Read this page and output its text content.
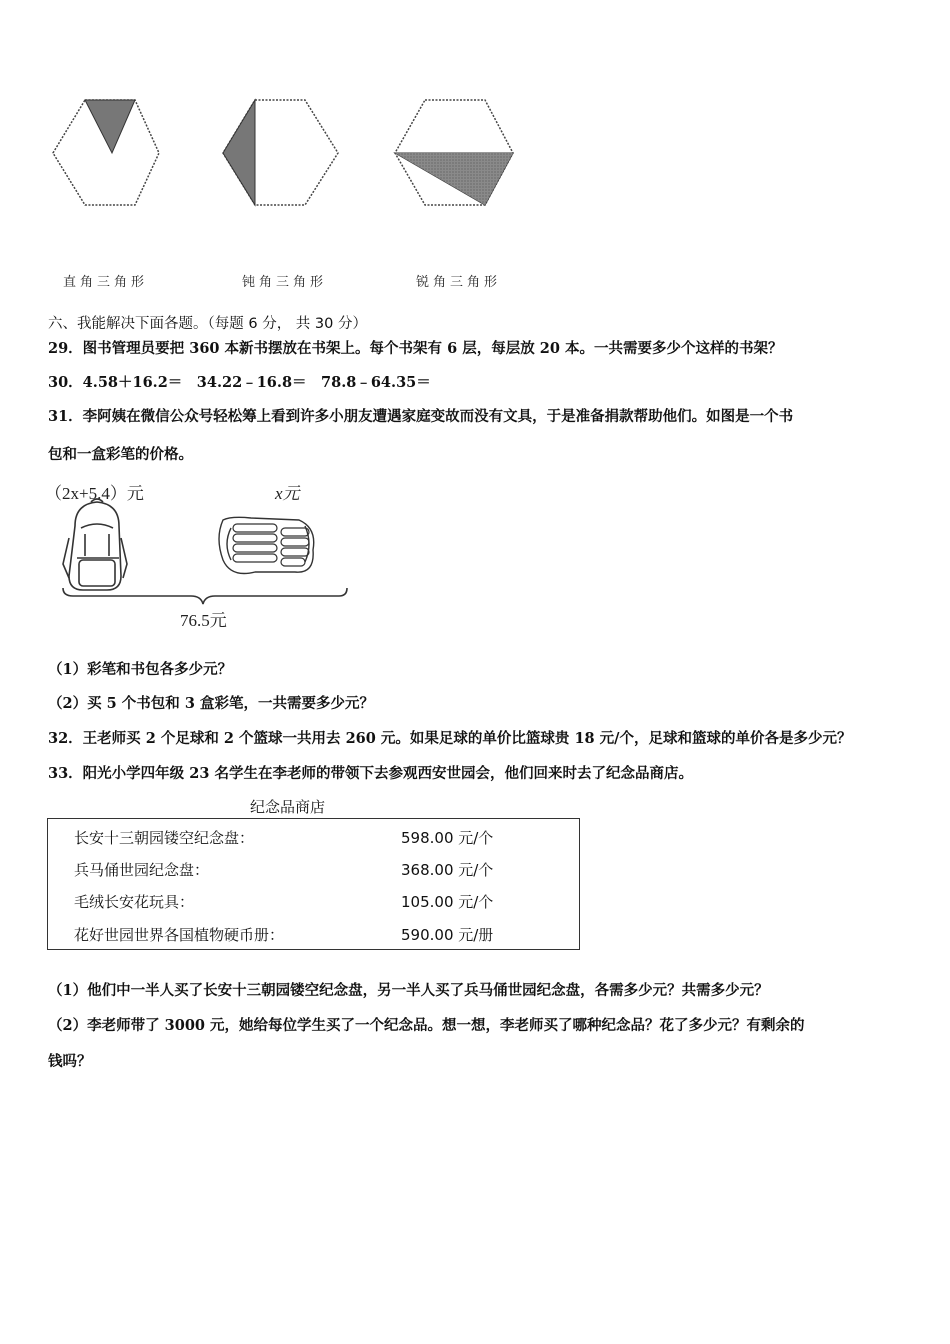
直角三角形	钝角三角形	锐角三角形
六、我能解决下面各题。（每题 6 分， 共 30 分）
29．图书管理员要把 360 本新书摆放在书架上。每个书架有 6 层，每层放 20 本。一共需要多少个这样的书架？
30．4.58＋16.2＝　34.22﹣16.8＝　78.8﹣64.35＝
31．李阿姨在微信公众号轻松筹上看到许多小朋友遭遇家庭变故而没有文具，于是准备捐款帮助他们。如图是一个书
包和一盒彩笔的价格。
（2x+5.4）元	x元
76.5元
（1）彩笔和书包各多少元？
（2）买 5 个书包和 3 盒彩笔，一共需要多少元？
32．王老师买 2 个足球和 2 个篮球一共用去 260 元。如果足球的单价比篮球贵 18 元/个，足球和篮球的单价各是多少元？
33．阳光小学四年级 23 名学生在李老师的带领下去参观西安世园会，他们回来时去了纪念品商店。
纪念品商店
长安十三朝园镂空纪念盘：	598.00 元/个
兵马俑世园纪念盘：	368.00 元/个
毛绒长安花玩具：	105.00 元/个
花好世园世界各国植物硬币册：	590.00 元/册
（1）他们中一半人买了长安十三朝园镂空纪念盘，另一半人买了兵马俑世园纪念盘，各需多少元？共需多少元？
（2）李老师带了 3000 元，她给每位学生买了一个纪念品。想一想，李老师买了哪种纪念品？花了多少元？有剩余的
钱吗？
